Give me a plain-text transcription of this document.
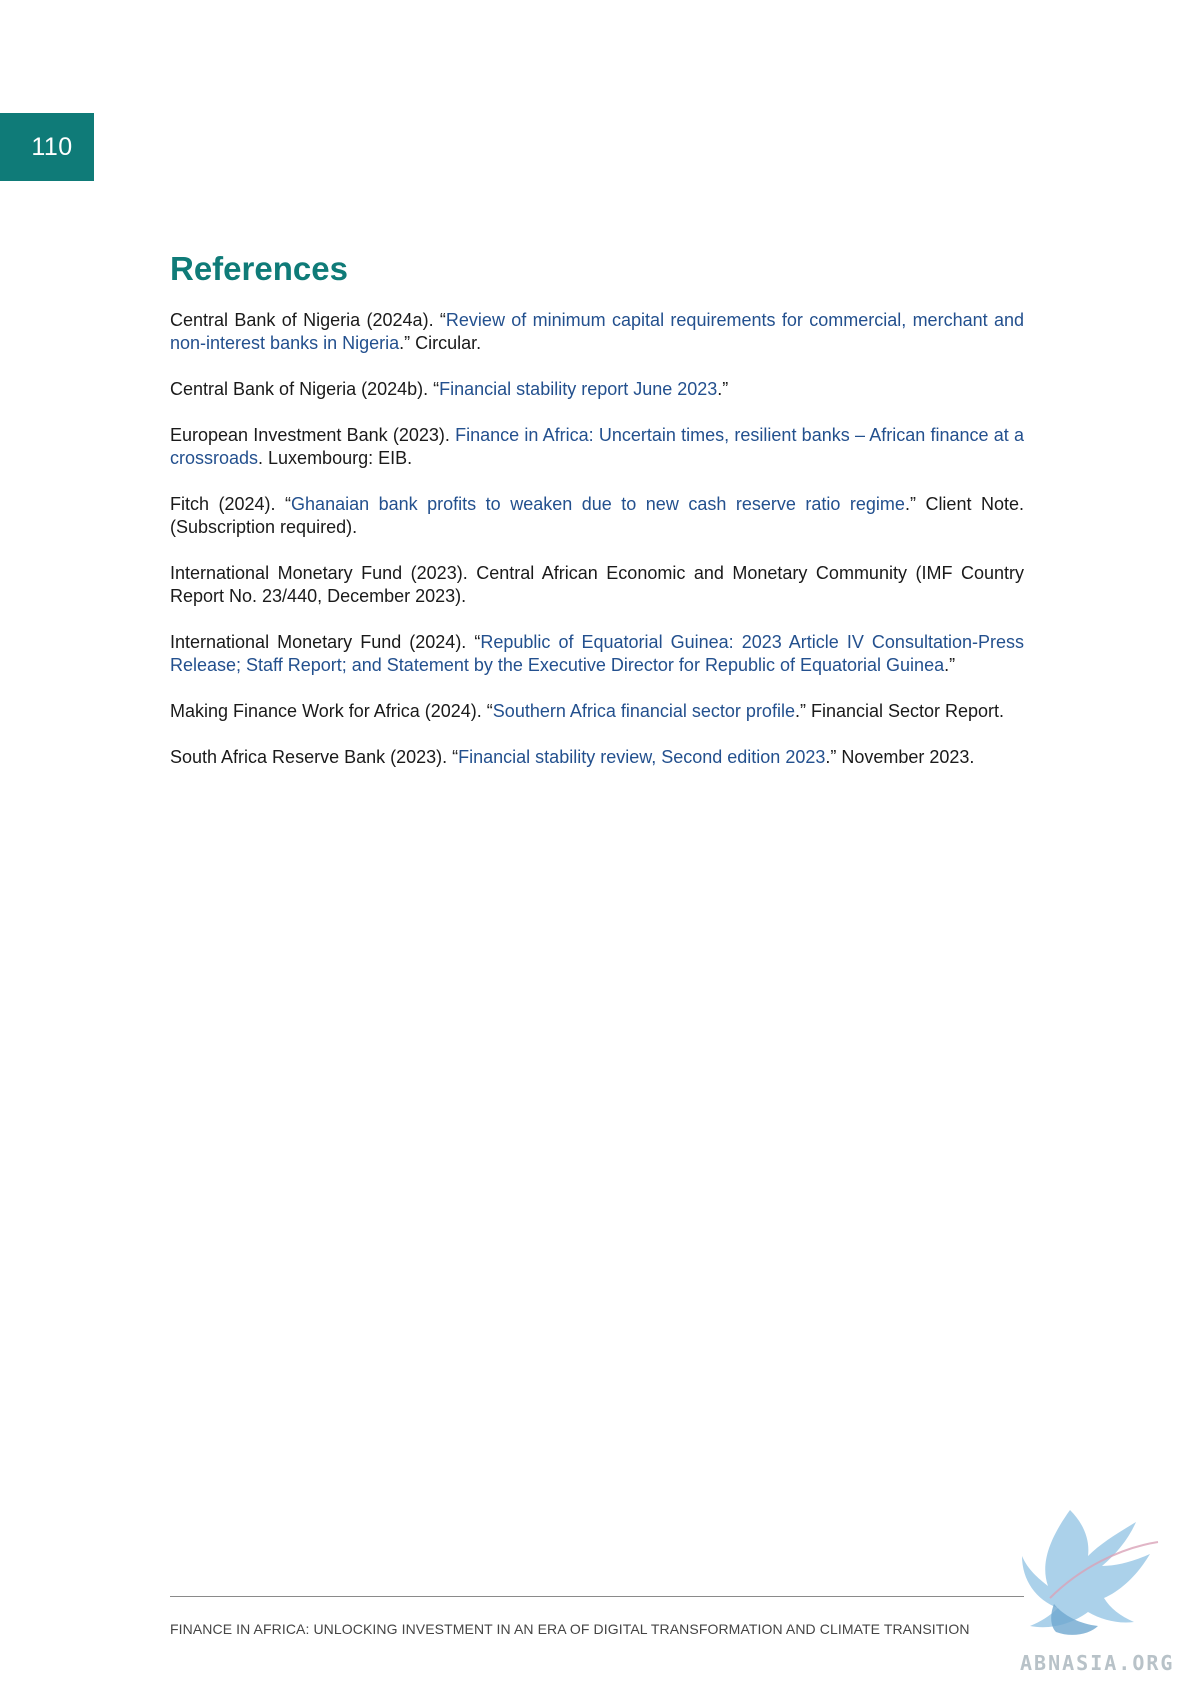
110
References
Central Bank of Nigeria (2024a). “Review of minimum capital requirements for commercial, merchant and non-interest banks in Nigeria.” Circular.
Central Bank of Nigeria (2024b). “Financial stability report June 2023.”
European Investment Bank (2023). Finance in Africa: Uncertain times, resilient banks – African finance at a crossroads. Luxembourg: EIB.
Fitch (2024). “Ghanaian bank profits to weaken due to new cash reserve ratio regime.” Client Note. (Subscription required).
International Monetary Fund (2023). Central African Economic and Monetary Community (IMF Country Report No. 23/440, December 2023).
International Monetary Fund (2024). “Republic of Equatorial Guinea: 2023 Article IV Consultation-Press Release; Staff Report; and Statement by the Executive Director for Republic of Equatorial Guinea.”
Making Finance Work for Africa (2024). “Southern Africa financial sector profile.” Financial Sector Report.
South Africa Reserve Bank (2023). “Financial stability review, Second edition 2023.” November 2023.
FINANCE IN AFRICA: UNLOCKING INVESTMENT IN AN ERA OF DIGITAL TRANSFORMATION AND CLIMATE TRANSITION
ABNASIA.ORG
